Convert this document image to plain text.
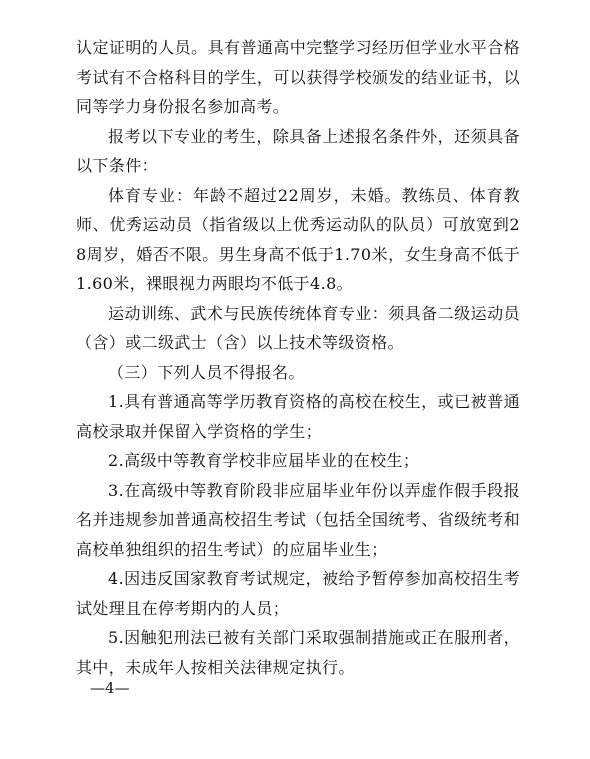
认定证明的人员。具有普通高中完整学习经历但学业水平合格考试有不合格科目的学生，可以获得学校颁发的结业证书，以同等学力身份报名参加高考。

报考以下专业的考生，除具备上述报名条件外，还须具备以下条件：

体育专业：年龄不超过22周岁，未婚。教练员、体育教师、优秀运动员（指省级以上优秀运动队的队员）可放宽到28周岁，婚否不限。男生身高不低于1.70米，女生身高不低于1.60米，裸眼视力两眼均不低于4.8。

运动训练、武术与民族传统体育专业：须具备二级运动员（含）或二级武士（含）以上技术等级资格。

（三）下列人员不得报名。

1.具有普通高等学历教育资格的高校在校生，或已被普通高校录取并保留入学资格的学生；

2.高级中等教育学校非应届毕业的在校生；

3.在高级中等教育阶段非应届毕业年份以弄虚作假手段报名并违规参加普通高校招生考试（包括全国统考、省级统考和高校单独组织的招生考试）的应届毕业生；

4.因违反国家教育考试规定，被给予暂停参加高校招生考试处理且在停考期内的人员；

5.因触犯刑法已被有关部门采取强制措施或正在服刑者，其中，未成年人按相关法律规定执行。

—4—
